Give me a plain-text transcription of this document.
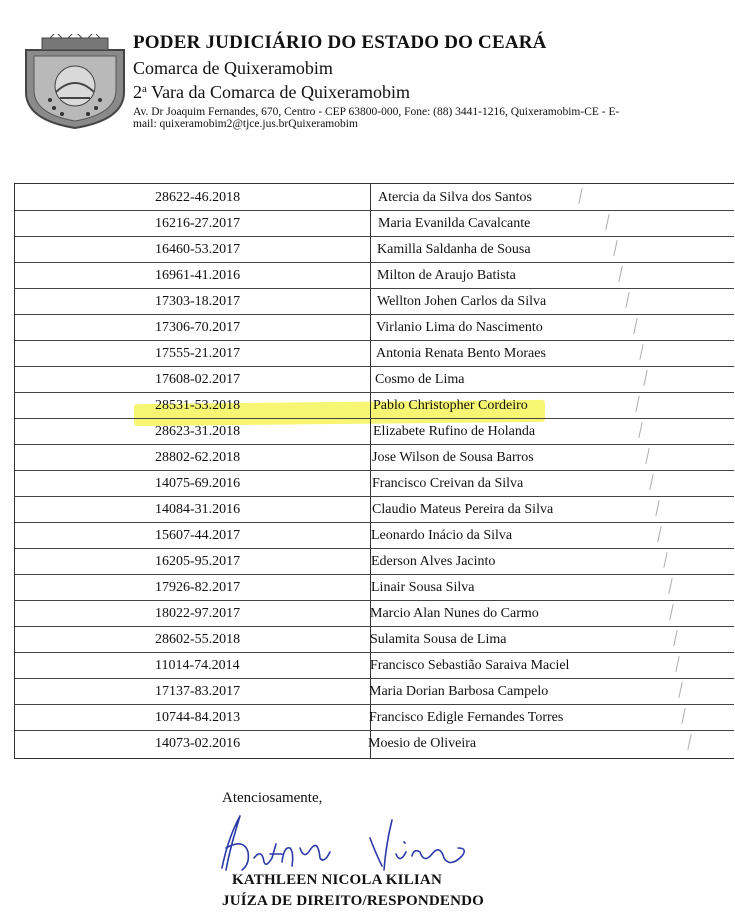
PODER JUDICIÁRIO DO ESTADO DO CEARÁ
Comarca de Quixeramobim
2$^a$ Vara da Comarca de Quixeramobim
Av. Dr Joaquim Fernandes, 670, Centro - CEP 63800-000, Fone: (88) 3441-1216, Quixeramobim-CE - E-
mail: quixeramobim2@tjce.jus.brQuixeramobim
28622-46.2018	Atercia da Silva dos Santos
16216-27.2017	Maria Evanilda Cavalcante
16460-53.2017	Kamilla Saldanha de Sousa
16961-41.2016	Milton de Araujo Batista
17303-18.2017	Wellton Johen Carlos da Silva
17306-70.2017	Virlanio Lima do Nascimento
17555-21.2017	Antonia Renata Bento Moraes
17608-02.2017	Cosmo de Lima
28531-53.2018	Pablo Christopher Cordeiro
28623-31.2018	Elizabete Rufino de Holanda
28802-62.2018	Jose Wilson de Sousa Barros
14075-69.2016	Francisco Creivan da Silva
14084-31.2016	Claudio Mateus Pereira da Silva
15607-44.2017	Leonardo Inácio da Silva
16205-95.2017	Ederson Alves Jacinto
17926-82.2017	Linair Sousa Silva
18022-97.2017	Marcio Alan Nunes do Carmo
28602-55.2018	Sulamita Sousa de Lima
11014-74.2014	Francisco Sebastião Saraiva Maciel
17137-83.2017	Maria Dorian Barbosa Campelo
10744-84.2013	Francisco Edigle Fernandes Torres
14073-02.2016	Moesio de Oliveira
Atenciosamente,
KATHLEEN NICOLA KILIAN
JUÍZA DE DIREITO/RESPONDENDO
